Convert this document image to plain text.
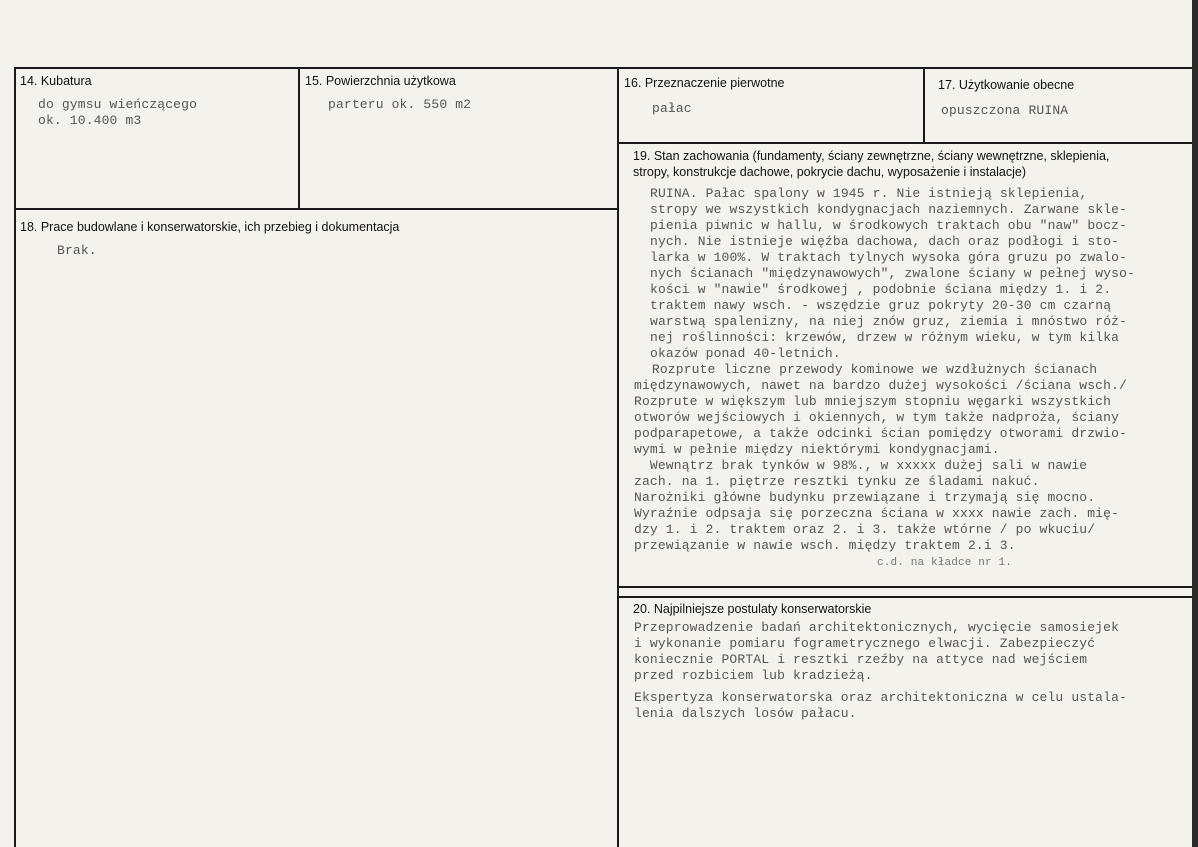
14. Kubatura

do gymsu wieńczącego

ok. 10.400 m3

15. Powierzchnia użytkowa

parteru ok. 550 m2

16. Przeznaczenie pierwotne

pałac

17. Użytkowanie obecne

opuszczona RUINA

18. Prace budowlane i konserwatorskie, ich przebieg i dokumentacja

Brak.

19. Stan zachowania (fundamenty, ściany zewnętrzne, ściany wewnętrzne, sklepienia,
stropy, konstrukcje dachowe, pokrycie dachu, wyposażenie i instalacje)

RUINA. Pałac spalony w 1945 r. Nie istnieją sklepienia,

stropy we wszystkich kondygnacjach naziemnych. Zarwane skle-

pienia piwnic w hallu, w środkowych traktach obu "naw" bocz-

nych. Nie istnieje więźba dachowa, dach oraz podłogi i sto-

larka w 100%. W traktach tylnych wysoka góra gruzu po zwalo-

nych ścianach "międzynawowych", zwalone ściany w pełnej wyso-

kości w "nawie" środkowej , podobnie ściana między 1. i 2.

traktem nawy wsch. - wszędzie gruz pokryty 20-30 cm czarną

warstwą spalenizny, na niej znów gruz, ziemia i mnóstwo róż-

nej roślinności: krzewów, drzew w różnym wieku, w tym kilka

okazów ponad 40-letnich.

Rozprute liczne przewody kominowe we wzdłużnych ścianach

międzynawowych, nawet na bardzo dużej wysokości /ściana wsch./

Rozprute w większym lub mniejszym stopniu węgarki wszystkich

otworów wejściowych i okiennych, w tym także nadproża, ściany

podparapetowe, a także odcinki ścian pomiędzy otworami drzwio-

wymi w pełnie między niektórymi kondygnacjami.

Wewnątrz brak tynków w 98%., w xxxxx dużej sali w nawie

zach. na 1. piętrze resztki tynku ze śladami nakuć.

Narożniki główne budynku przewiązane i trzymają się mocno.

Wyraźnie odpsaja się porzeczna ściana w xxxx nawie zach. mię-

dzy 1. i 2. traktem oraz 2. i 3. także wtórne / po wkuciu/

przewiązanie w nawie wsch. między traktem 2.i 3.

c.d. na kładce nr 1.

20. Najpilniejsze postulaty konserwatorskie

Przeprowadzenie badań architektonicznych, wycięcie samosiejek

i wykonanie pomiaru fogrametrycznego elwacji. Zabezpieczyć

koniecznie PORTAL i resztki rzeźby na attyce nad wejściem

przed rozbiciem lub kradzieżą.

Ekspertyza konserwatorska oraz architektoniczna w celu ustala-

lenia dalszych losów pałacu.
